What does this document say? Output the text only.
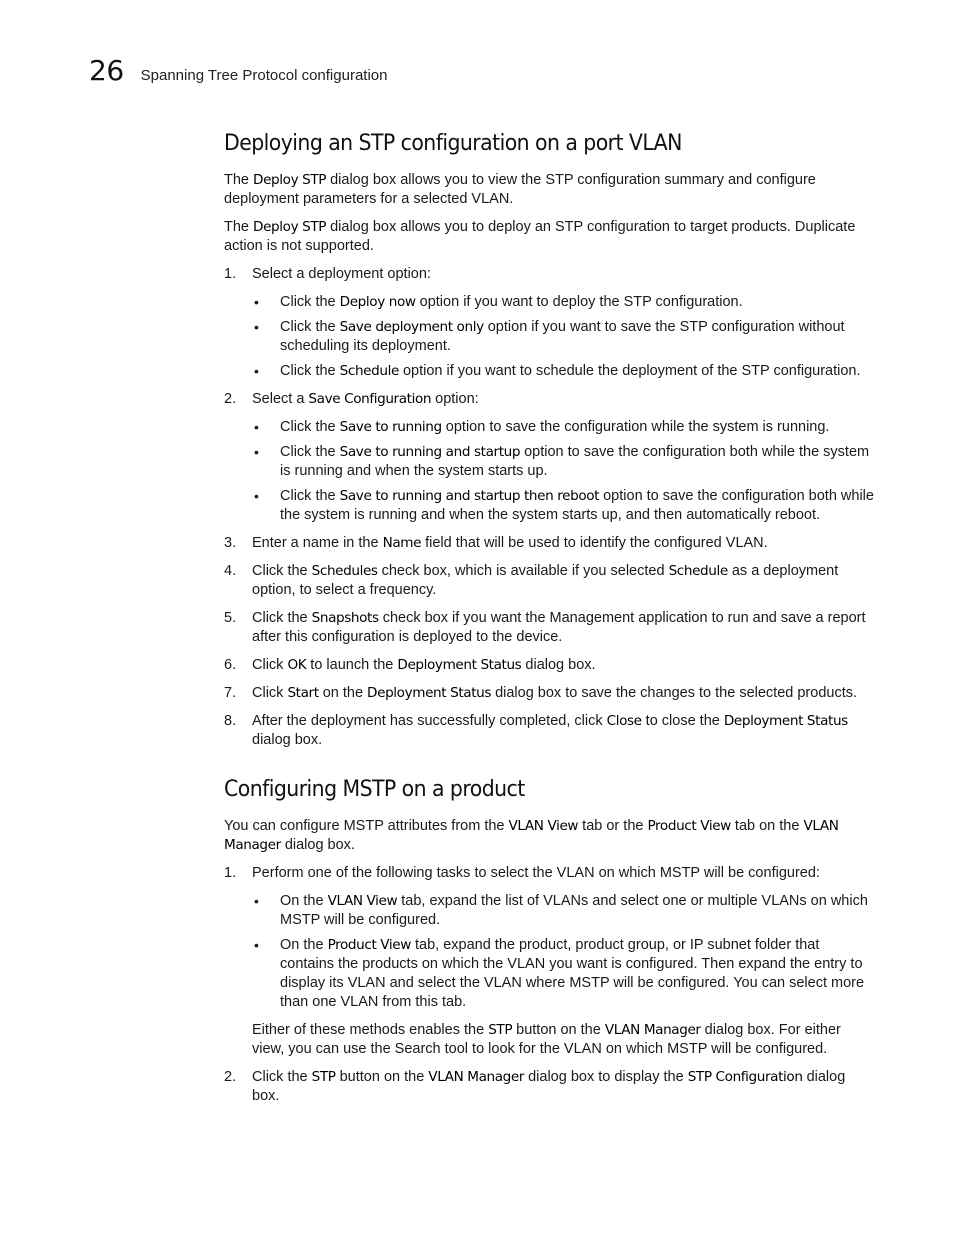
26 Spanning Tree Protocol configuration
Deploying an STP configuration on a port VLAN

The Deploy STP dialog box allows you to view the STP configuration summary and configure deployment parameters for a selected VLAN.

The Deploy STP dialog box allows you to deploy an STP configuration to target products. Duplicate action is not supported.

1. Select a deployment option:
• Click the Deploy now option if you want to deploy the STP configuration.
• Click the Save deployment only option if you want to save the STP configuration without scheduling its deployment.
• Click the Schedule option if you want to schedule the deployment of the STP configuration.
2. Select a Save Configuration option:
• Click the Save to running option to save the configuration while the system is running.
• Click the Save to running and startup option to save the configuration both while the system is running and when the system starts up.
• Click the Save to running and startup then reboot option to save the configuration both while the system is running and when the system starts up, and then automatically reboot.
3. Enter a name in the Name field that will be used to identify the configured VLAN.
4. Click the Schedules check box, which is available if you selected Schedule as a deployment option, to select a frequency.
5. Click the Snapshots check box if you want the Management application to run and save a report after this configuration is deployed to the device.
6. Click OK to launch the Deployment Status dialog box.
7. Click Start on the Deployment Status dialog box to save the changes to the selected products.
8. After the deployment has successfully completed, click Close to close the Deployment Status dialog box.
Configuring MSTP on a product

You can configure MSTP attributes from the VLAN View tab or the Product View tab on the VLAN Manager dialog box.

1. Perform one of the following tasks to select the VLAN on which MSTP will be configured:
• On the VLAN View tab, expand the list of VLANs and select one or multiple VLANs on which MSTP will be configured.
• On the Product View tab, expand the product, product group, or IP subnet folder that contains the products on which the VLAN you want is configured. Then expand the entry to display its VLAN and select the VLAN where MSTP will be configured. You can select more than one VLAN from this tab.

Either of these methods enables the STP button on the VLAN Manager dialog box. For either view, you can use the Search tool to look for the VLAN on which MSTP will be configured.

2. Click the STP button on the VLAN Manager dialog box to display the STP Configuration dialog box.
